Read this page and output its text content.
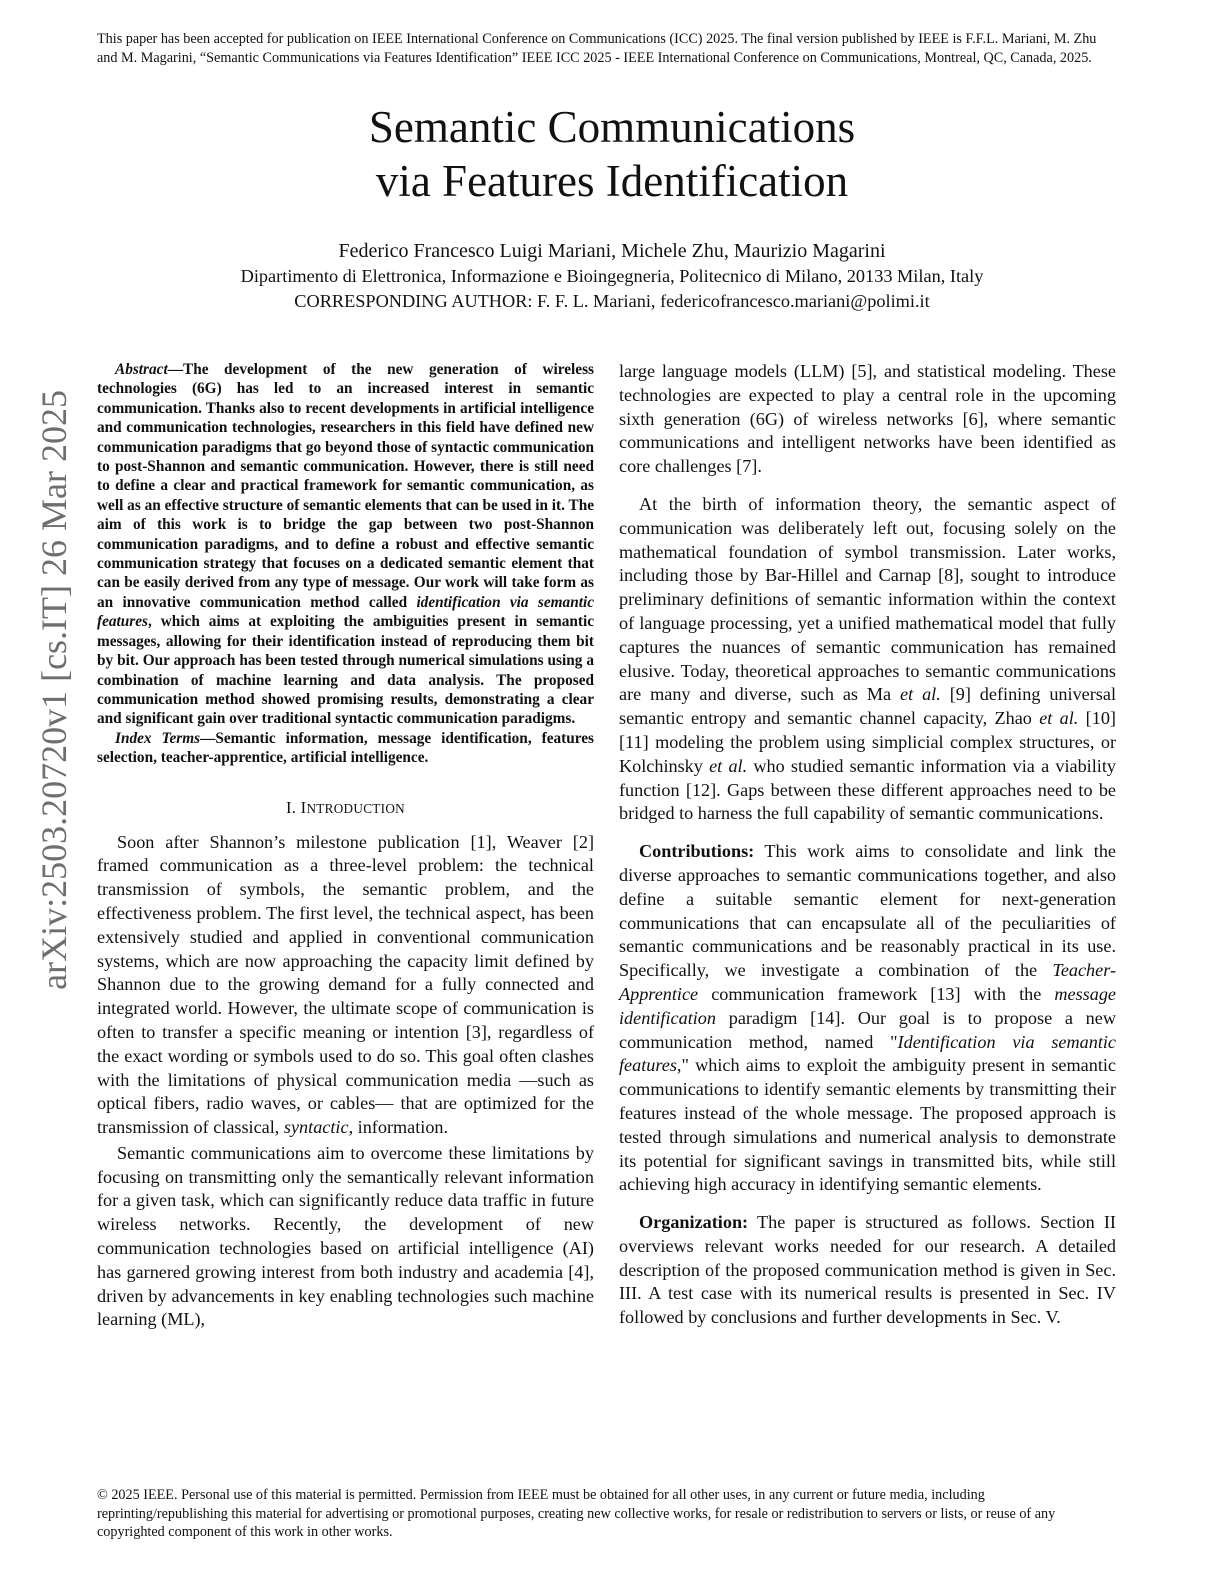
This paper has been accepted for publication on IEEE International Conference on Communications (ICC) 2025. The final version published by IEEE is F.F.L. Mariani, M. Zhu and M. Magarini, “Semantic Communications via Features Identification” IEEE ICC 2025 - IEEE International Conference on Communications, Montreal, QC, Canada, 2025.
Semantic Communications
via Features Identification
Federico Francesco Luigi Mariani, Michele Zhu, Maurizio Magarini
Dipartimento di Elettronica, Informazione e Bioingegneria, Politecnico di Milano, 20133 Milan, Italy
CORRESPONDING AUTHOR: F. F. L. Mariani, federicofrancesco.mariani@polimi.it
arXiv:2503.20720v1 [cs.IT] 26 Mar 2025

Abstract—The development of the new generation of wireless technologies (6G) has led to an increased interest in semantic communication. Thanks also to recent developments in artificial intelligence and communication technologies, researchers in this field have defined new communication paradigms that go beyond those of syntactic communication to post-Shannon and semantic communication. However, there is still need to define a clear and practical framework for semantic communication, as well as an effective structure of semantic elements that can be used in it. The aim of this work is to bridge the gap between two post-Shannon communication paradigms, and to define a robust and effective semantic communication strategy that focuses on a dedicated semantic element that can be easily derived from any type of message. Our work will take form as an innovative communication method called identification via semantic features, which aims at exploiting the ambiguities present in semantic messages, allowing for their identification instead of reproducing them bit by bit. Our approach has been tested through numerical simulations using a combination of machine learning and data analysis. The proposed communication method showed promising results, demonstrating a clear and significant gain over traditional syntactic communication paradigms.

Index Terms—Semantic information, message identification, features selection, teacher-apprentice, artificial intelligence.

I. INTRODUCTION

Soon after Shannon’s milestone publication [1], Weaver [2] framed communication as a three-level problem: the technical transmission of symbols, the semantic problem, and the effectiveness problem. The first level, the technical aspect, has been extensively studied and applied in conventional communication systems, which are now approaching the capacity limit defined by Shannon due to the growing demand for a fully connected and integrated world. However, the ultimate scope of communication is often to transfer a specific meaning or intention [3], regardless of the exact wording or symbols used to do so. This goal often clashes with the limitations of physical communication media —such as optical fibers, radio waves, or cables— that are optimized for the transmission of classical, syntactic, information.

Semantic communications aim to overcome these limitations by focusing on transmitting only the semantically relevant information for a given task, which can significantly reduce data traffic in future wireless networks. Recently, the development of new communication technologies based on artificial intelligence (AI) has garnered growing interest from both industry and academia [4], driven by advancements in key enabling technologies such machine learning (ML),

large language models (LLM) [5], and statistical modeling. These technologies are expected to play a central role in the upcoming sixth generation (6G) of wireless networks [6], where semantic communications and intelligent networks have been identified as core challenges [7].

At the birth of information theory, the semantic aspect of communication was deliberately left out, focusing solely on the mathematical foundation of symbol transmission. Later works, including those by Bar-Hillel and Carnap [8], sought to introduce preliminary definitions of semantic information within the context of language processing, yet a unified mathematical model that fully captures the nuances of semantic communication has remained elusive. Today, theoretical approaches to semantic communications are many and diverse, such as Ma et al. [9] defining universal semantic entropy and semantic channel capacity, Zhao et al. [10] [11] modeling the problem using simplicial complex structures, or Kolchinsky et al. who studied semantic information via a viability function [12]. Gaps between these different approaches need to be bridged to harness the full capability of semantic communications.

Contributions: This work aims to consolidate and link the diverse approaches to semantic communications together, and also define a suitable semantic element for next-generation communications that can encapsulate all of the peculiarities of semantic communications and be reasonably practical in its use. Specifically, we investigate a combination of the Teacher-Apprentice communication framework [13] with the message identification paradigm [14]. Our goal is to propose a new communication method, named "Identification via semantic features," which aims to exploit the ambiguity present in semantic communications to identify semantic elements by transmitting their features instead of the whole message. The proposed approach is tested through simulations and numerical analysis to demonstrate its potential for significant savings in transmitted bits, while still achieving high accuracy in identifying semantic elements.

Organization: The paper is structured as follows. Section II overviews relevant works needed for our research. A detailed description of the proposed communication method is given in Sec. III. A test case with its numerical results is presented in Sec. IV followed by conclusions and further developments in Sec. V.

© 2025 IEEE. Personal use of this material is permitted. Permission from IEEE must be obtained for all other uses, in any current or future media, including reprinting/republishing this material for advertising or promotional purposes, creating new collective works, for resale or redistribution to servers or lists, or reuse of any copyrighted component of this work in other works.
